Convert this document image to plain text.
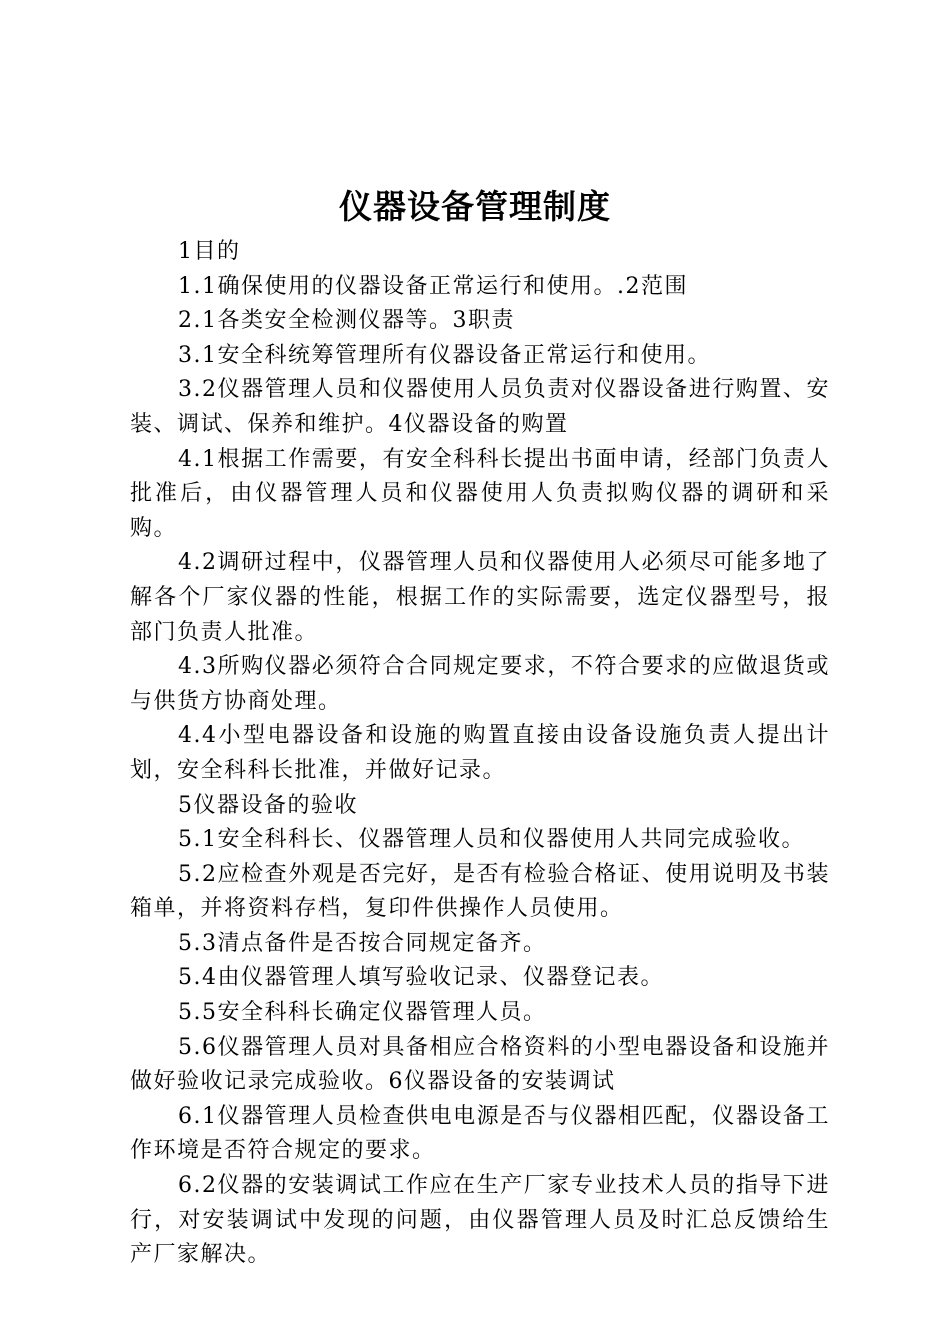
仪器设备管理制度

1目的

1.1确保使用的仪器设备正常运行和使用。.2范围

2.1各类安全检测仪器等。3职责

3.1安全科统筹管理所有仪器设备正常运行和使用。

3.2仪器管理人员和仪器使用人员负责对仪器设备进行购置、安装、调试、保养和维护。4仪器设备的购置

4.1根据工作需要，有安全科科长提出书面申请，经部门负责人批准后，由仪器管理人员和仪器使用人负责拟购仪器的调研和采购。

4.2调研过程中，仪器管理人员和仪器使用人必须尽可能多地了解各个厂家仪器的性能，根据工作的实际需要，选定仪器型号，报部门负责人批准。

4.3所购仪器必须符合合同规定要求，不符合要求的应做退货或与供货方协商处理。

4.4小型电器设备和设施的购置直接由设备设施负责人提出计划，安全科科长批准，并做好记录。

5仪器设备的验收

5.1安全科科长、仪器管理人员和仪器使用人共同完成验收。

5.2应检查外观是否完好，是否有检验合格证、使用说明及书装箱单，并将资料存档，复印件供操作人员使用。

5.3清点备件是否按合同规定备齐。

5.4由仪器管理人填写验收记录、仪器登记表。

5.5安全科科长确定仪器管理人员。

5.6仪器管理人员对具备相应合格资料的小型电器设备和设施并做好验收记录完成验收。6仪器设备的安装调试

6.1仪器管理人员检查供电电源是否与仪器相匹配，仪器设备工作环境是否符合规定的要求。

6.2仪器的安装调试工作应在生产厂家专业技术人员的指导下进行，对安装调试中发现的问题，由仪器管理人员及时汇总反馈给生产厂家解决。
